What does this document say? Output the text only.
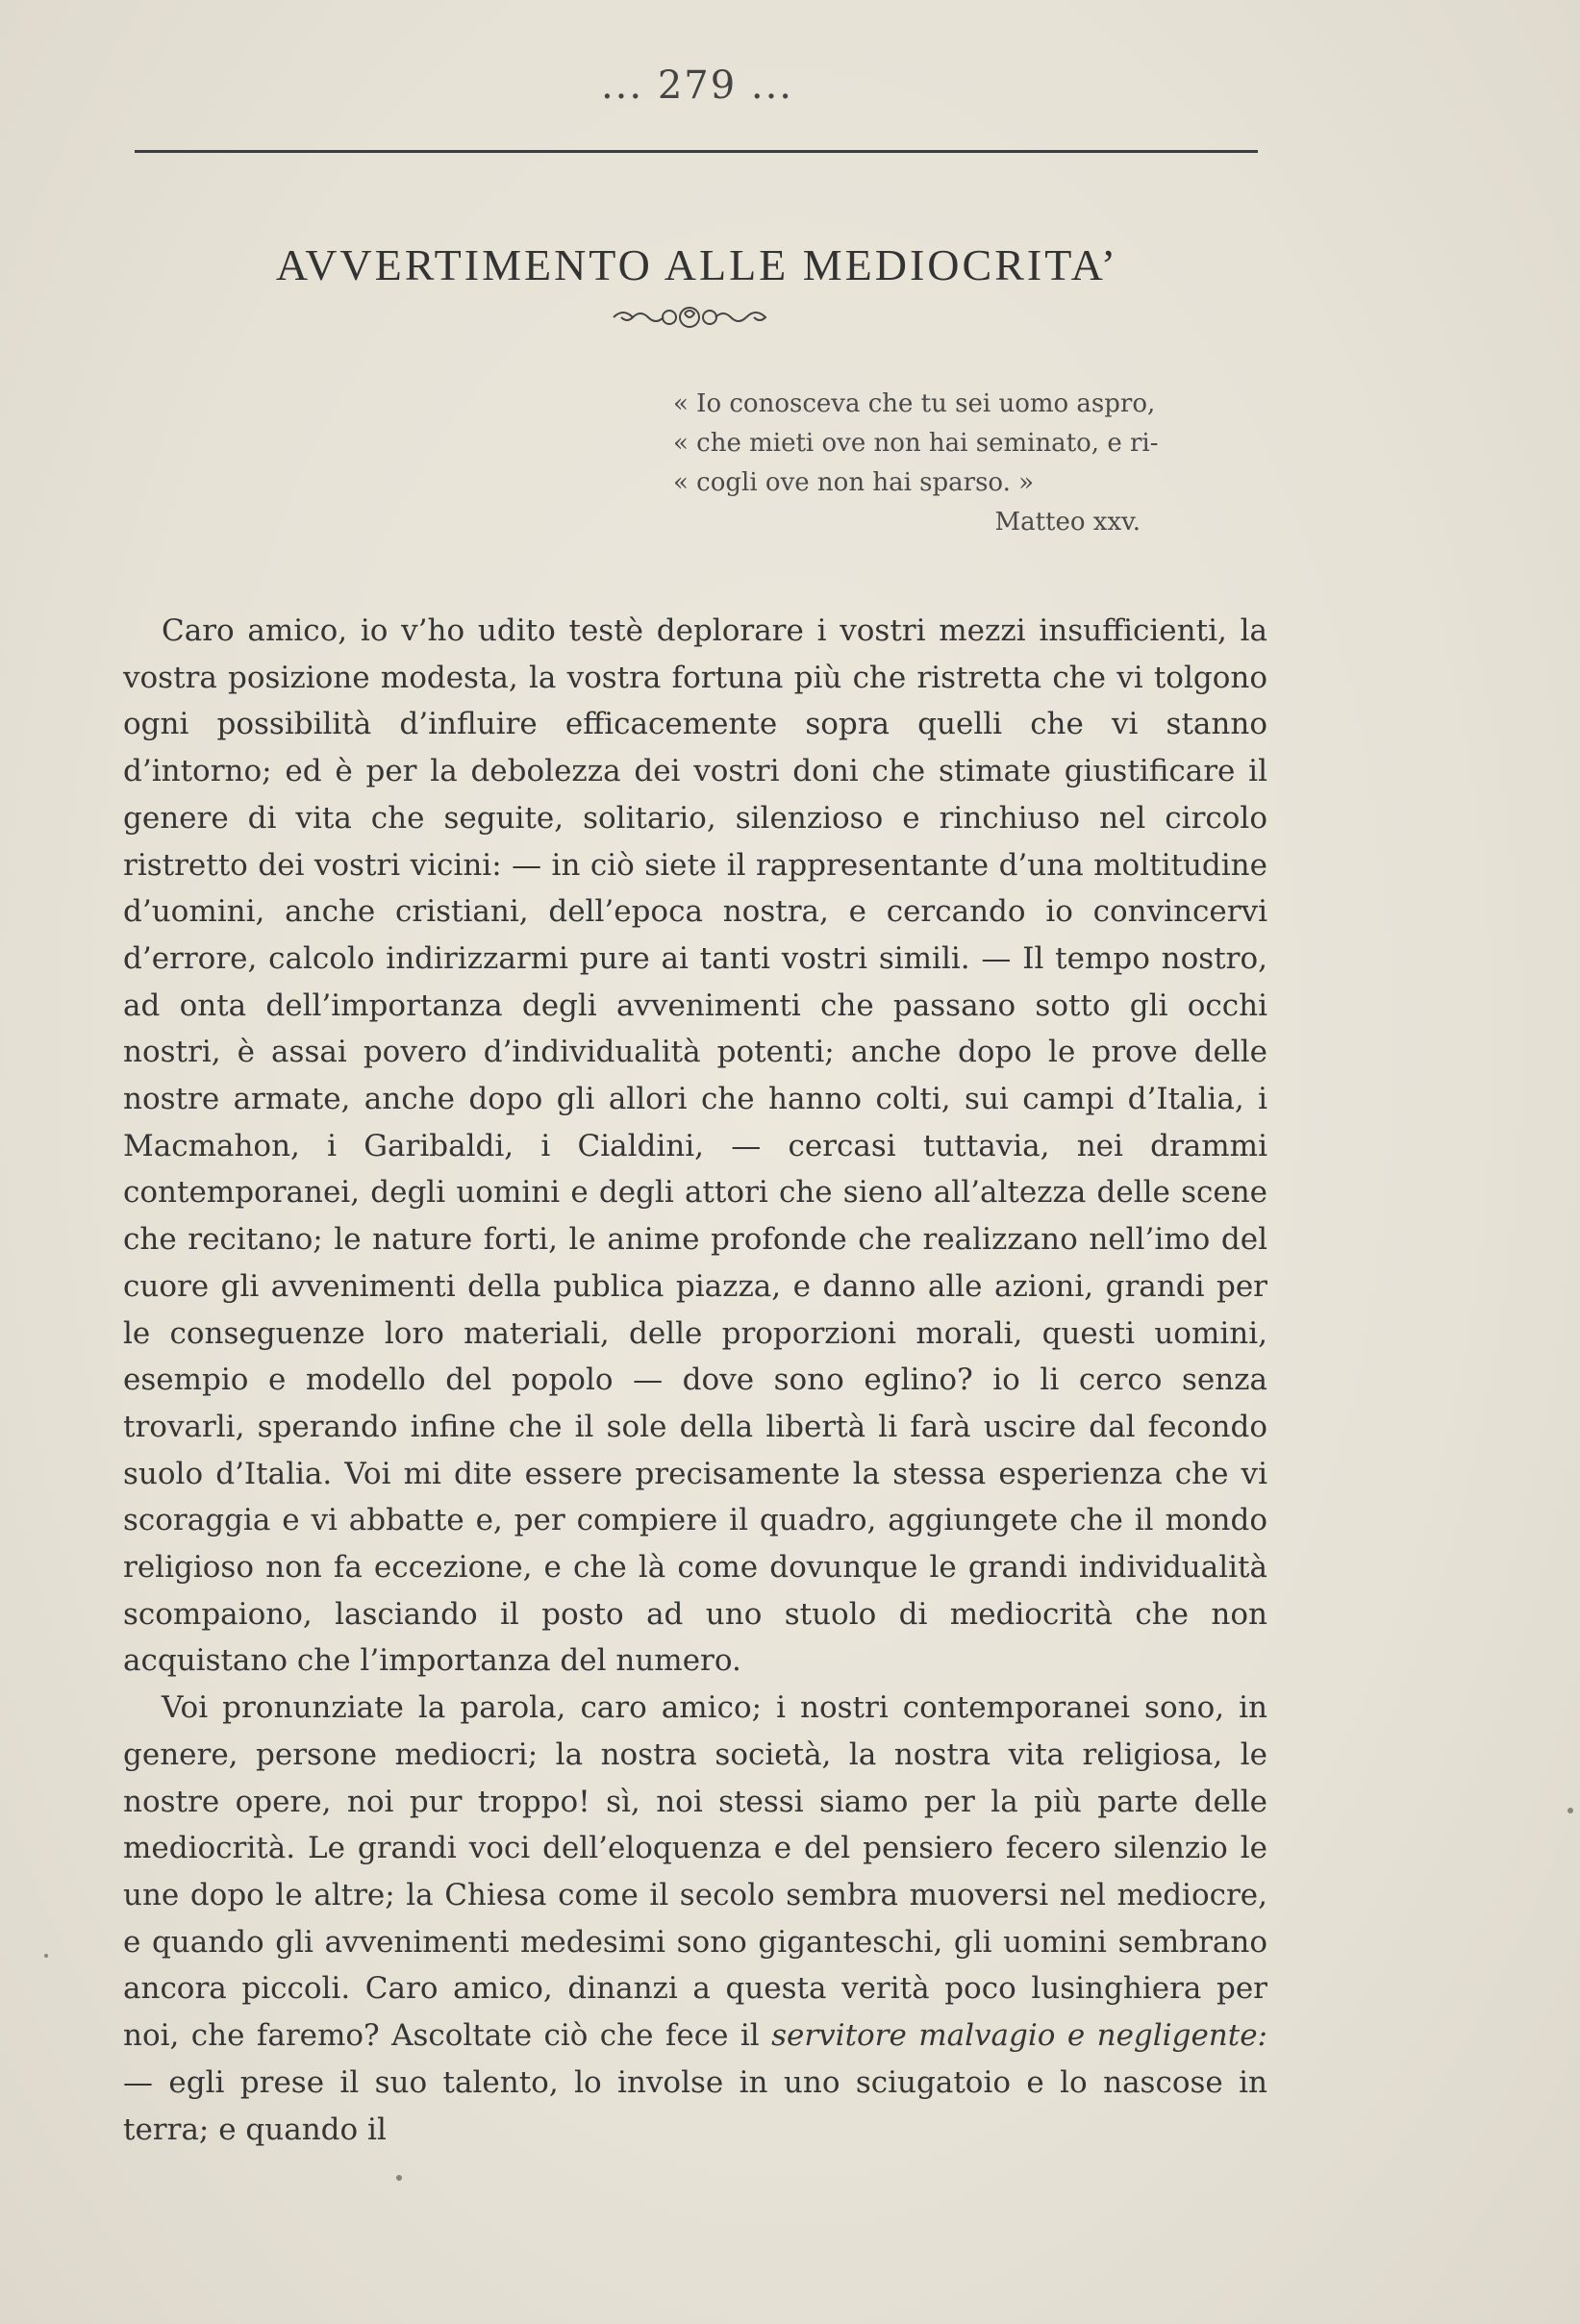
... 279 ...
AVVERTIMENTO ALLE MEDIOCRITA’
« Io conosceva che tu sei uomo aspro,
« che mieti ove non hai seminato, e ri-
« cogli ove non hai sparso. »
Matteo xxv.

Caro amico, io v’ho udito testè deplorare i vostri mezzi insufficienti, la vostra posizione modesta, la vostra fortuna più che ristretta che vi tolgono ogni possibilità d’influire efficacemente sopra quelli che vi stanno d’intorno; ed è per la debolezza dei vostri doni che stimate giustificare il genere di vita che seguite, solitario, silenzioso e rinchiuso nel circolo ristretto dei vostri vicini: — in ciò siete il rappresentante d’una moltitudine d’uomini, anche cristiani, dell’epoca nostra, e cercando io convincervi d’errore, calcolo indirizzarmi pure ai tanti vostri simili. — Il tempo nostro, ad onta dell’importanza degli avvenimenti che passano sotto gli occhi nostri, è assai povero d’individualità potenti; anche dopo le prove delle nostre armate, anche dopo gli allori che hanno colti, sui campi d’Italia, i Macmahon, i Garibaldi, i Cialdini, — cercasi tuttavia, nei drammi contemporanei, degli uomini e degli attori che sieno all’altezza delle scene che recitano; le nature forti, le anime profonde che realizzano nell’imo del cuore gli avvenimenti della publica piazza, e danno alle azioni, grandi per le conseguenze loro materiali, delle proporzioni morali, questi uomini, esempio e modello del popolo — dove sono eglino? io li cerco senza trovarli, sperando infine che il sole della libertà li farà uscire dal fecondo suolo d’Italia. Voi mi dite essere precisamente la stessa esperienza che vi scoraggia e vi abbatte e, per compiere il quadro, aggiungete che il mondo religioso non fa eccezione, e che là come dovunque le grandi individualità scompaiono, lasciando il posto ad uno stuolo di mediocrità che non acquistano che l’importanza del numero.

Voi pronunziate la parola, caro amico; i nostri contemporanei sono, in genere, persone mediocri; la nostra società, la nostra vita religiosa, le nostre opere, noi pur troppo! sì, noi stessi siamo per la più parte delle mediocrità. Le grandi voci dell’eloquenza e del pensiero fecero silenzio le une dopo le altre; la Chiesa come il secolo sembra muoversi nel mediocre, e quando gli avvenimenti medesimi sono giganteschi, gli uomini sembrano ancora piccoli. Caro amico, dinanzi a questa verità poco lusinghiera per noi, che faremo? Ascoltate ciò che fece il servitore malvagio e negligente: — egli prese il suo talento, lo involse in uno sciugatoio e lo nascose in terra; e quando il
